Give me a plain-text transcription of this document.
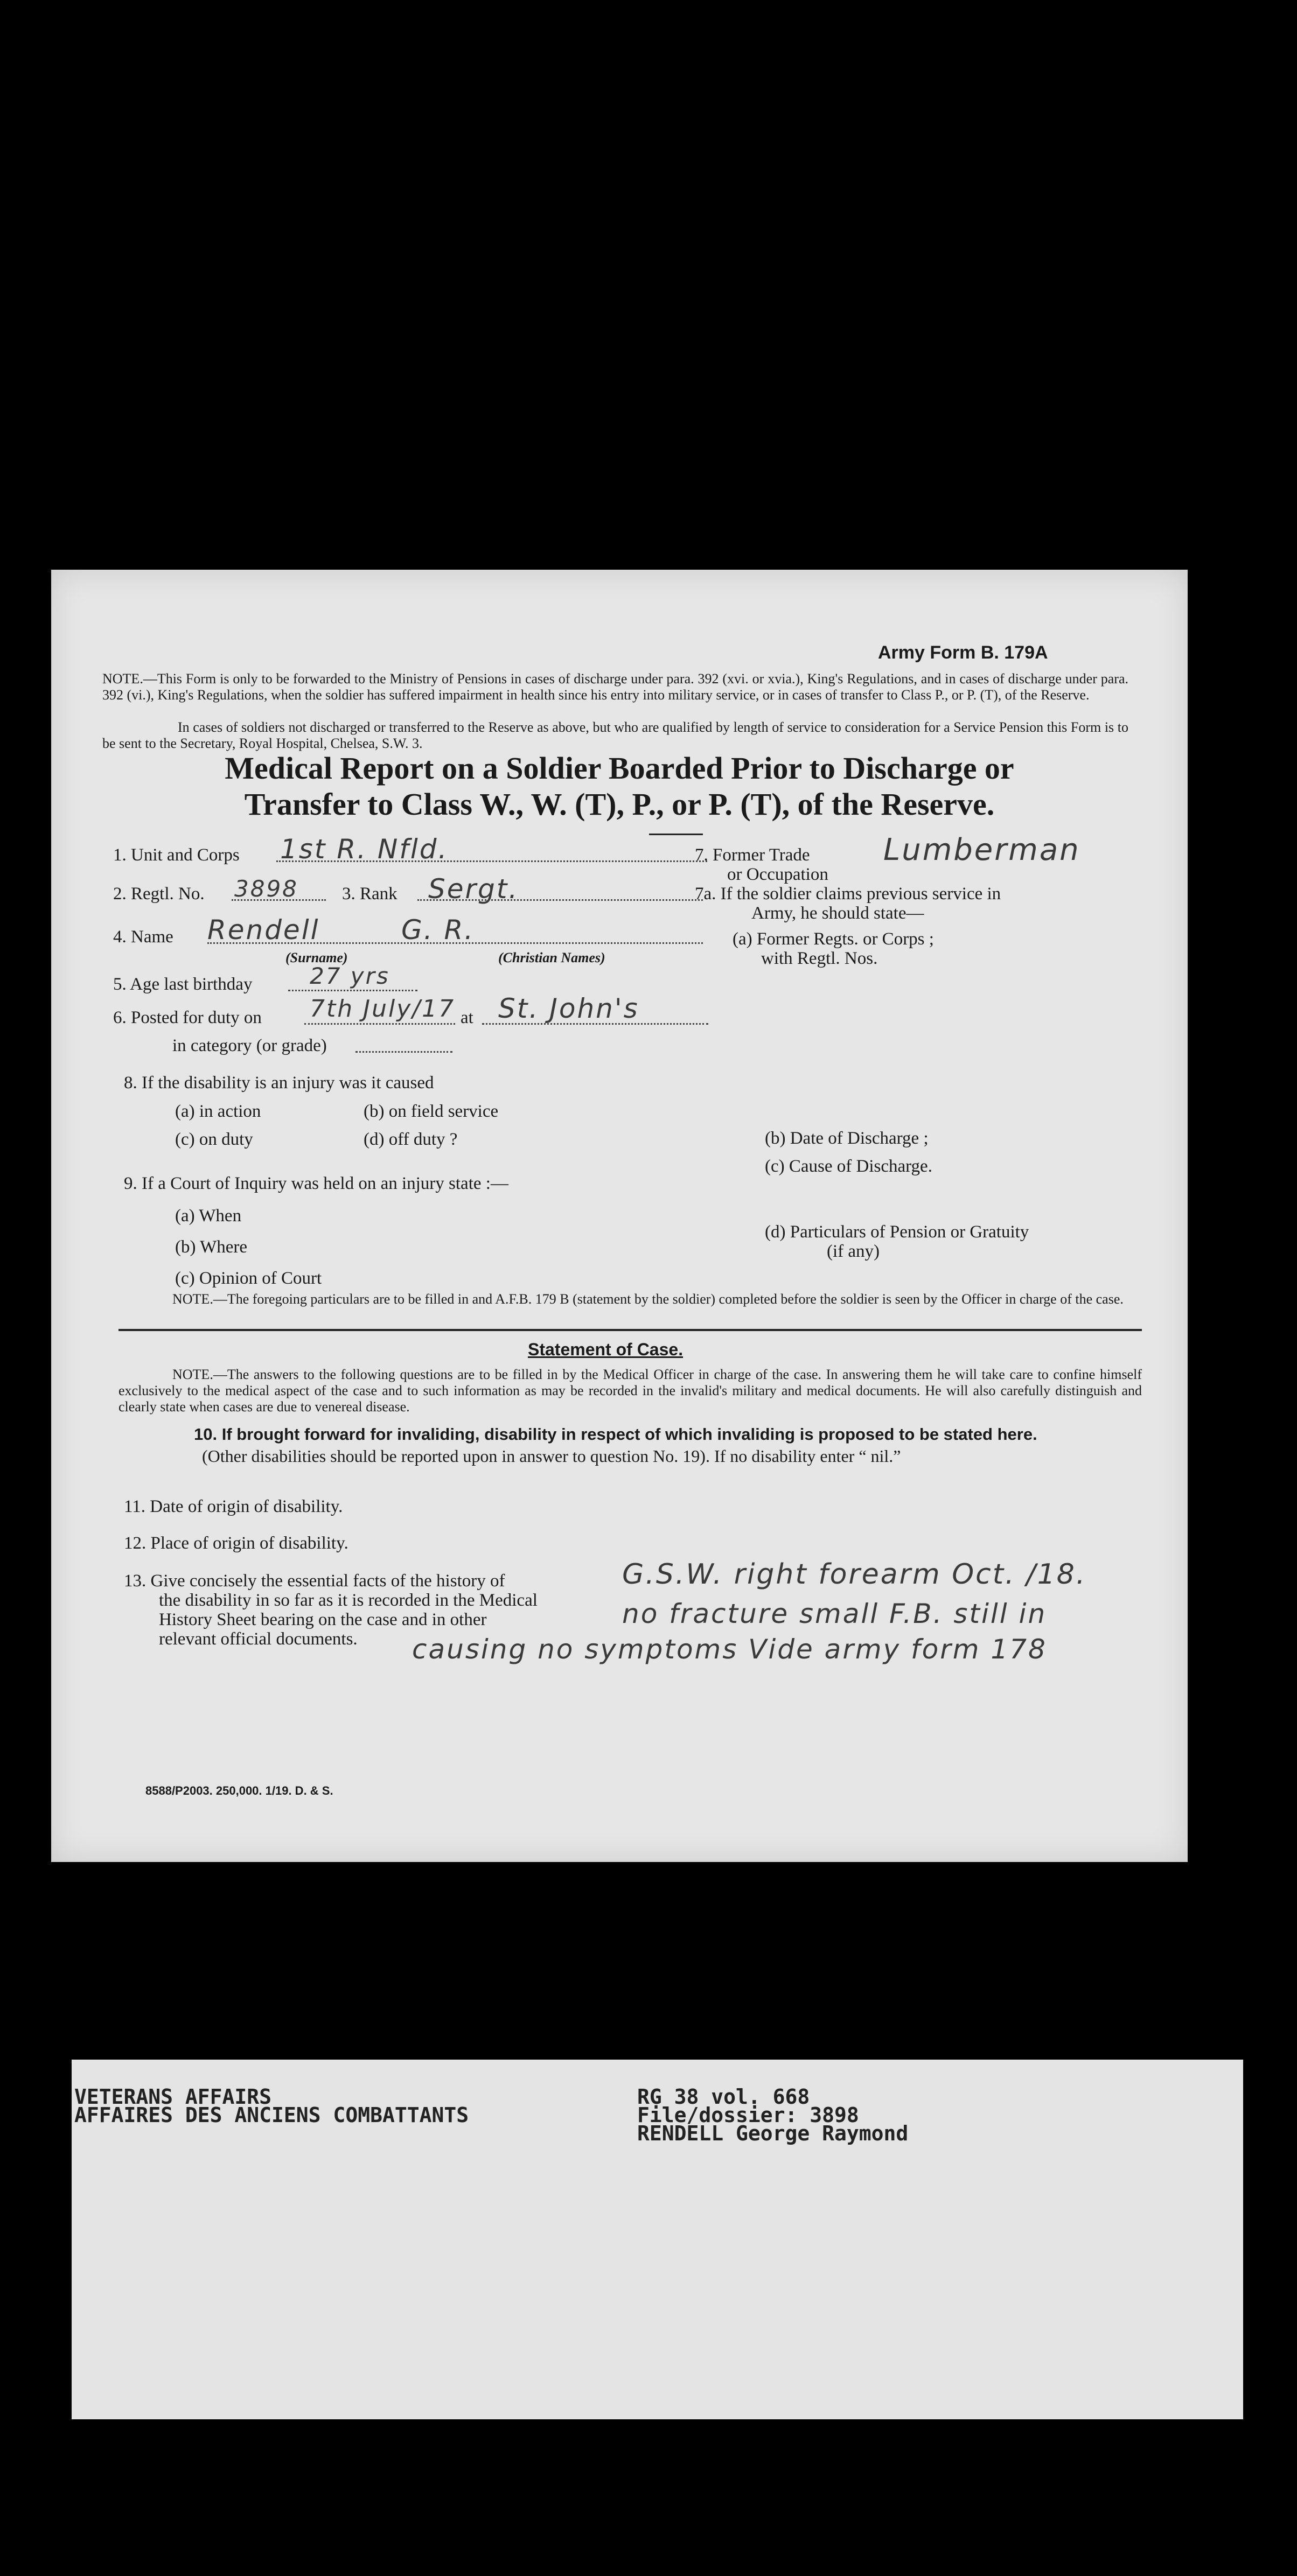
Army Form B. 179A
NOTE.—This Form is only to be forwarded to the Ministry of Pensions in cases of discharge under para. 392 (xvi. or xvia.), King's Regulations, and in cases of discharge under para. 392 (vi.), King's Regulations, when the soldier has suffered impairment in health since his entry into military service, or in cases of transfer to Class P., or P. (T), of the Reserve.
In cases of soldiers not discharged or transferred to the Reserve as above, but who are qualified by length of service to consideration for a Service Pension this Form is to be sent to the Secretary, Royal Hospital, Chelsea, S.W. 3.
Medical Report on a Soldier Boarded Prior to Discharge or
Transfer to Class W., W. (T), P., or P. (T), of the Reserve.
1. Unit and Corps 1st R. Nfld.
2. Regtl. No. 3898 3. Rank Sergt.
4. Name Rendell	G. R.
(Surname)	(Christian Names)
5. Age last birthday	27 yrs
6. Posted for duty on 7th July/17 at St. John's
in category (or grade)
7. Former Trade
or Occupation
Lumberman
7a. If the soldier claims previous service in
Army, he should state—
(a) Former Regts. or Corps ;
with Regtl. Nos.
(b) Date of Discharge ;
(c) Cause of Discharge.
(d) Particulars of Pension or Gratuity
(if any)
8. If the disability is an injury was it caused
(a) in action	(b) on field service
(c) on duty	(d) off duty ?
9. If a Court of Inquiry was held on an injury state :—
(a) When
(b) Where
(c) Opinion of Court
NOTE.—The foregoing particulars are to be filled in and A.F.B. 179 B (statement by the soldier) completed before the soldier is seen by the Officer in charge of the case.
Statement of Case.
NOTE.—The answers to the following questions are to be filled in by the Medical Officer in charge of the case. In answering them he will take care to confine himself exclusively to the medical aspect of the case and to such information as may be recorded in the invalid's military and medical documents. He will also carefully distinguish and clearly state when cases are due to venereal disease.
10. If brought forward for invaliding, disability in respect of which invaliding is proposed to be stated here.
(Other disabilities should be reported upon in answer to question No. 19). If no disability enter “ nil.”
11. Date of origin of disability.
12. Place of origin of disability.
13. Give concisely the essential facts of the history of
the disability in so far as it is recorded in the Medical
History Sheet bearing on the case and in other
relevant official documents.
G.S.W. right forearm Oct. /18.
no fracture small F.B. still in
causing no symptoms Vide army form 178
8588/P2003. 250,000. 1/19. D. & S.
VETERANS AFFAIRS
AFFAIRES DES ANCIENS COMBATTANTS
RG 38 vol. 668
File/dossier: 3898
RENDELL George Raymond
